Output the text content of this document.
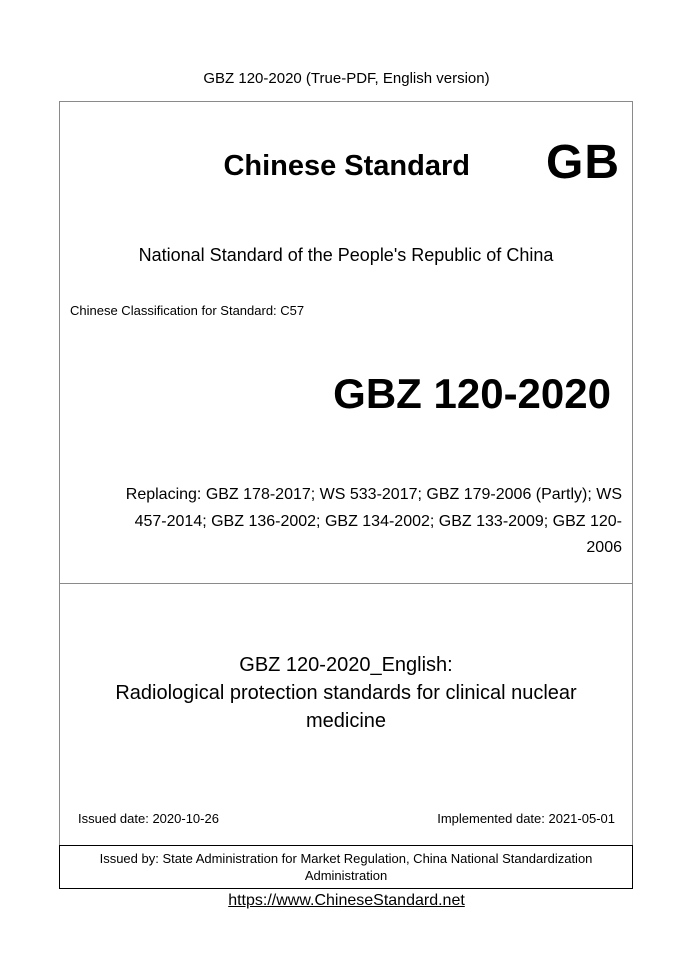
GBZ 120-2020 (True-PDF, English version)
Chinese Standard GB
National Standard of the People's Republic of China
Chinese Classification for Standard: C57
GBZ 120-2020
Replacing: GBZ 178-2017; WS 533-2017; GBZ 179-2006 (Partly); WS
457-2014; GBZ 136-2002; GBZ 134-2002; GBZ 133-2009; GBZ 120-
2006
GBZ 120-2020_English:
Radiological protection standards for clinical nuclear
medicine
Issued date: 2020-10-26	Implemented date: 2021-05-01
Issued by: State Administration for Market Regulation, China National Standardization
Administration
https://www.ChineseStandard.net
